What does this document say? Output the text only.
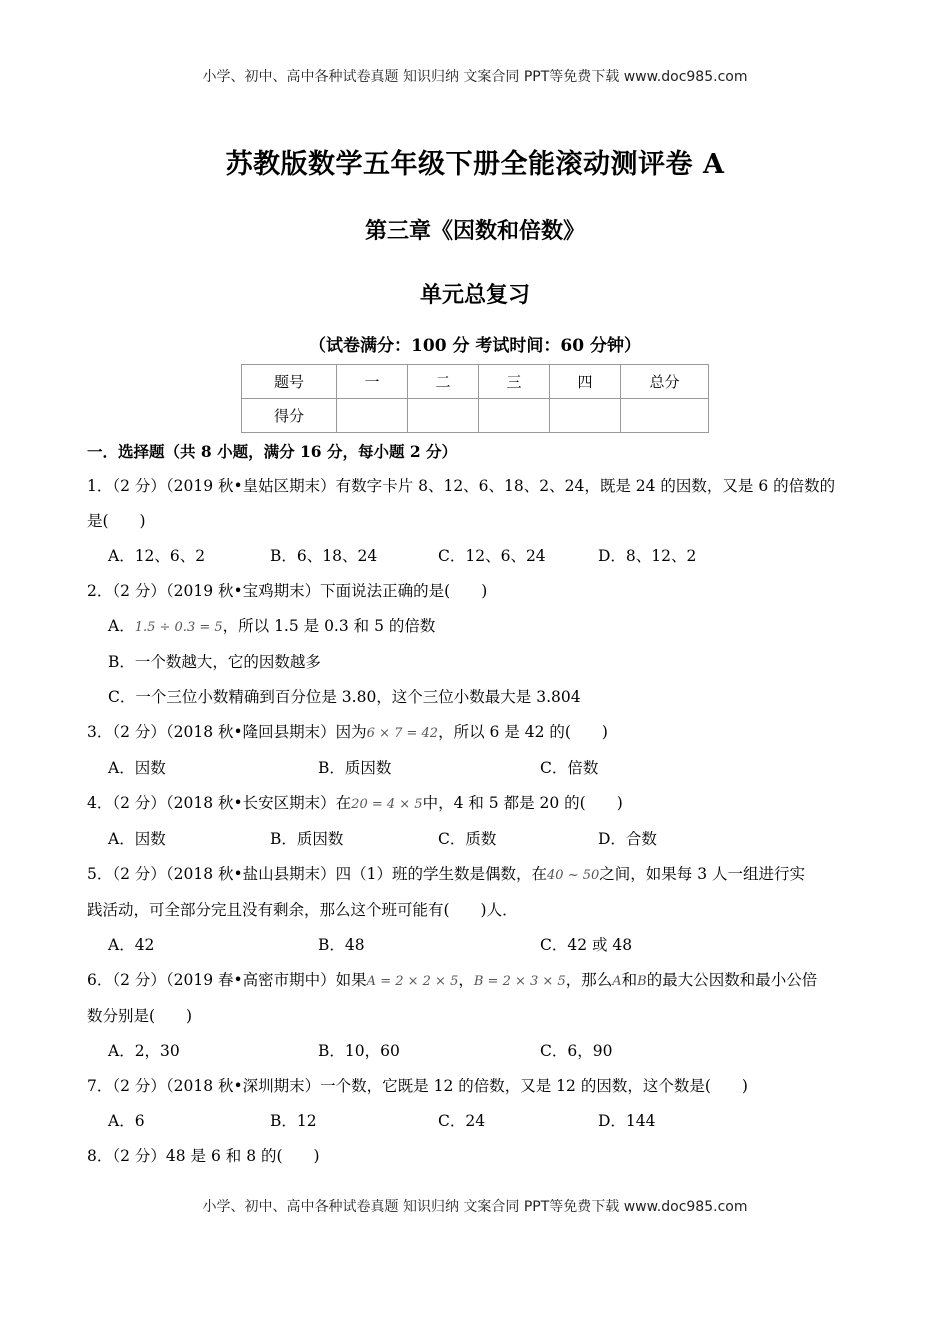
小学、初中、高中各种试卷真题 知识归纳 文案合同 PPT等免费下载 www.doc985.com
苏教版数学五年级下册全能滚动测评卷 A
第三章《因数和倍数》
单元总复习
（试卷满分：100 分 考试时间：60 分钟）
题号	一	二	三	四	总分
得分					
一．选择题（共 8 小题，满分 16 分，每小题 2 分）
1．（2 分）（2019 秋•皇姑区期末）有数字卡片 8、12、6、18、2、24，既是 24 的因数，又是 6 的倍数的
是(　　)
A．12、6、2	B．6、18、24	C．12、6、24	D．8、12、2
2．（2 分）（2019 秋•宝鸡期末）下面说法正确的是(　　)
A．1.5 ÷ 0.3 = 5，所以 1.5 是 0.3 和 5 的倍数
B．一个数越大，它的因数越多
C．一个三位小数精确到百分位是 3.80，这个三位小数最大是 3.804
3．（2 分）（2018 秋•隆回县期末）因为6 × 7 = 42，所以 6 是 42 的(　　)
A．因数	B．质因数	C．倍数
4．（2 分）（2018 秋•长安区期末）在20 = 4 × 5中，4 和 5 都是 20 的(　　)
A．因数	B．质因数	C．质数	D．合数
5．（2 分）（2018 秋•盐山县期末）四（1）班的学生数是偶数，在40 ~ 50之间，如果每 3 人一组进行实
践活动，可全部分完且没有剩余，那么这个班可能有(　　)人．
A．42	B．48	C．42 或 48
6．（2 分）（2019 春•高密市期中）如果A = 2 × 2 × 5，B = 2 × 3 × 5，那么A和B的最大公因数和最小公倍
数分别是(　　)
A．2，30	B．10，60	C．6，90
7．（2 分）（2018 秋•深圳期末）一个数，它既是 12 的倍数，又是 12 的因数，这个数是(　　)
A．6	B．12	C．24	D．144
8．（2 分）48 是 6 和 8 的(　　)
小学、初中、高中各种试卷真题 知识归纳 文案合同 PPT等免费下载 www.doc985.com
